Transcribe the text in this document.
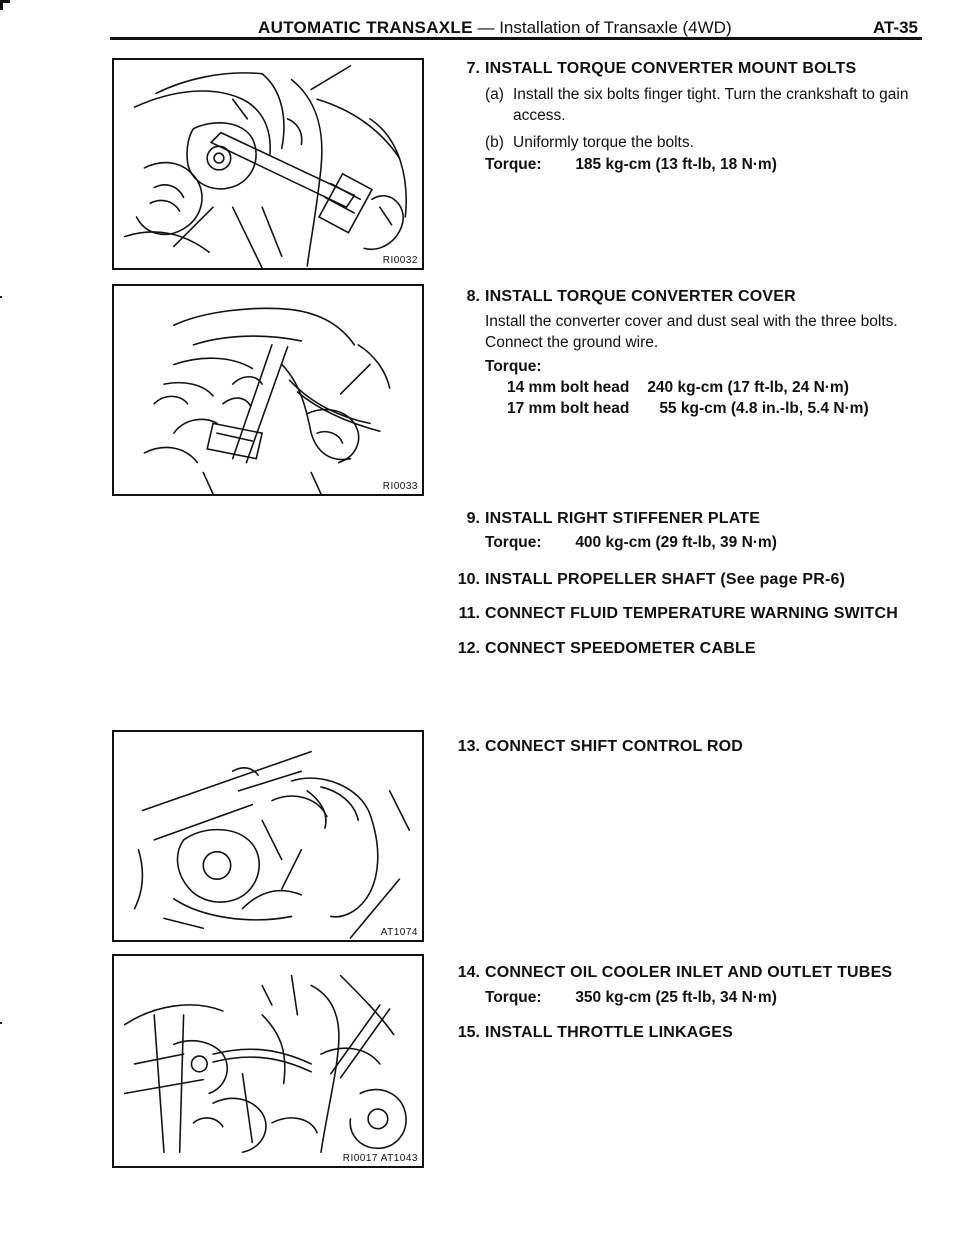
AUTOMATIC TRANSAXLE — Installation of Transaxle (4WD)	AT-35
RI0032
RI0033
AT1074
RI0017 AT1043
7. INSTALL TORQUE CONVERTER MOUNT BOLTS
(a) Install the six bolts finger tight. Turn the crankshaft to gain access.
(b) Uniformly torque the bolts.
Torque: 185 kg-cm (13 ft-lb, 18 N·m)
8. INSTALL TORQUE CONVERTER COVER
Install the converter cover and dust seal with the three bolts. Connect the ground wire.
Torque:
14 mm bolt head 240 kg-cm (17 ft-lb, 24 N·m)
17 mm bolt head 55 kg-cm (4.8 in.-lb, 5.4 N·m)
9. INSTALL RIGHT STIFFENER PLATE
Torque: 400 kg-cm (29 ft-lb, 39 N·m)
10. INSTALL PROPELLER SHAFT (See page PR-6)
11. CONNECT FLUID TEMPERATURE WARNING SWITCH
12. CONNECT SPEEDOMETER CABLE
13. CONNECT SHIFT CONTROL ROD
14. CONNECT OIL COOLER INLET AND OUTLET TUBES
Torque: 350 kg-cm (25 ft-lb, 34 N·m)
15. INSTALL THROTTLE LINKAGES
